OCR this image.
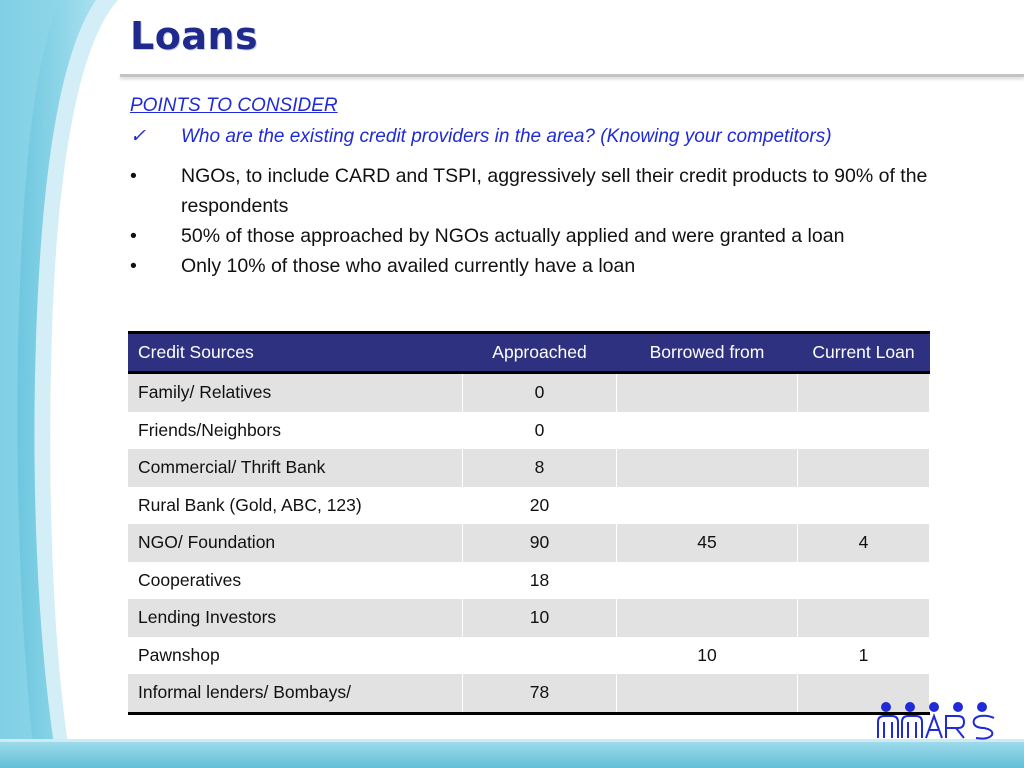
Loans
POINTS TO CONSIDER
✓ Who are the existing credit providers in the area? (Knowing your competitors)
• NGOs, to include CARD and TSPI, aggressively sell their credit products to 90% of the respondents
• 50% of those approached by NGOs actually applied and were granted a loan
• Only 10% of those who availed currently have a loan
Credit Sources	Approached	Borrowed from	Current Loan
Family/ Relatives	0		
Friends/Neighbors	0		
Commercial/ Thrift Bank	8		
Rural Bank (Gold, ABC, 123)	20		
NGO/ Foundation	90	45	4
Cooperatives	18		
Lending Investors	10		
Pawnshop		10	1
Informal lenders/ Bombays/	78		
